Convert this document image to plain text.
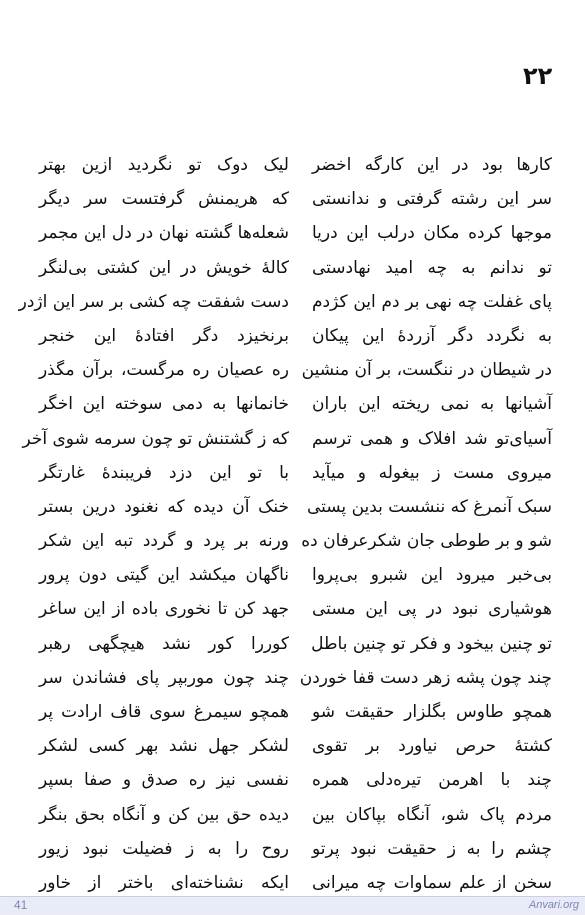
۲۲
کارها بود در این کارگه اخضر
سر این رشته گرفتی و ندانستی
موجها کرده مکان درلب این دریا
تو ندانم به چه امید نهادستی
پای غفلت چه نهی بر دم این کژدم
به نگردد دگر آزردهٔ این پیکان
در شیطان در ننگست، بر آن منشین
آشیانها به نمی ریخته این باران
آسیای‌تو شد افلاک و همی ترسم
میروی مست ز بیغوله و میآید
سبک آنمرغ که ننشست بدین پستی
شو و بر طوطی جان شکرعرفان ده
بی‌خبر میرود این شبرو بی‌پروا
هوشیاری نبود در پی این مستی
تو چنین بیخود و فکر تو چنین باطل
چند چون پشه زهر دست قفا خوردن
همچو طاوس بگلزار حقیقت شو
کشتهٔ حرص نیاورد بر تقوی
چند با اهرمن تیره‌دلی همره
مردم پاک شو، آنگاه بپاکان بین
چشم را به ز حقیقت نبود پرتو
سخن از علم سماوات چه میرانی
لیک دوک تو نگردید ازین بهتر
که هریمنش گرفتست سر دیگر
شعله‌ها گشته نهان در دل این مجمر
کالهٔ خویش در این کشتی بی‌لنگر
دست شفقت چه کشی بر سر این اژدر
برنخیزد دگر افتادهٔ این خنجر
ره عصیان ره مرگست، برآن مگذر
خانمانها به دمی سوخته این اخگر
که ز گشتنش تو چون سرمه شوی آخر
با تو این دزد فریبندهٔ غارتگر
خنک آن دیده که نغنود درین بستر
ورنه بر پرد و گردد تبه این شکر
ناگهان میکشد این گیتی دون پرور
جهد کن تا نخوری باده از این ساغر
کوررا کور نشد هیچگهی رهبر
چند چون موربپر پای فشاندن سر
همچو سیمرغ سوی قاف ارادت پر
لشکر جهل نشد بهر کسی لشکر
نفسی نیز ره صدق و صفا بسپر
دیده حق بین کن و آنگاه بحق بنگر
روح را به ز فضیلت نبود زیور
ایکه نشناخته‌ای باختر از خاور
41	Anvari.org
